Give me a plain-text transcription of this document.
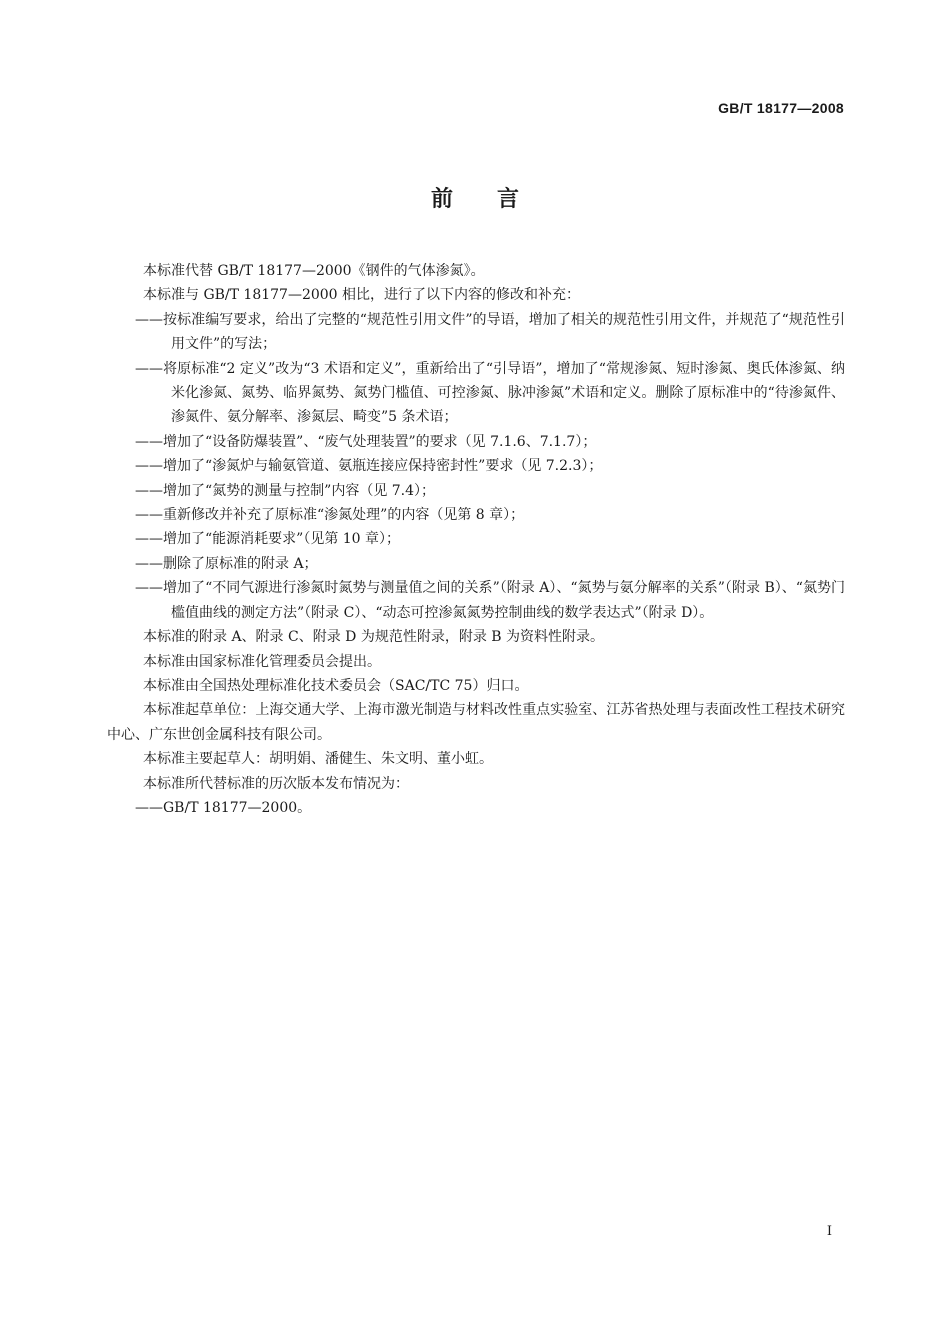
GB/T 18177—2008
前言

本标准代替 GB/T 18177—2000《钢件的气体渗氮》。

本标准与 GB/T 18177—2000 相比，进行了以下内容的修改和补充：

——按标准编写要求，给出了完整的“规范性引用文件”的导语，增加了相关的规范性引用文件，并规范了“规范性引用文件”的写法；

——将原标准“2 定义”改为“3 术语和定义”，重新给出了“引导语”，增加了“常规渗氮、短时渗氮、奥氏体渗氮、纳米化渗氮、氮势、临界氮势、氮势门槛值、可控渗氮、脉冲渗氮”术语和定义。删除了原标准中的“待渗氮件、渗氮件、氨分解率、渗氮层、畸变”5 条术语；

——增加了“设备防爆装置”、“废气处理装置”的要求（见 7.1.6、7.1.7）；

——增加了“渗氮炉与输氨管道、氨瓶连接应保持密封性”要求（见 7.2.3）；

——增加了“氮势的测量与控制”内容（见 7.4）；

——重新修改并补充了原标准“渗氮处理”的内容（见第 8 章）；

——增加了“能源消耗要求”（见第 10 章）；

——删除了原标准的附录 A；

——增加了“不同气源进行渗氮时氮势与测量值之间的关系”（附录 A）、“氮势与氨分解率的关系”（附录 B）、“氮势门槛值曲线的测定方法”（附录 C）、“动态可控渗氮氮势控制曲线的数学表达式”（附录 D）。

本标准的附录 A、附录 C、附录 D 为规范性附录，附录 B 为资料性附录。

本标准由国家标准化管理委员会提出。

本标准由全国热处理标准化技术委员会（SAC/TC 75）归口。

本标准起草单位：上海交通大学、上海市激光制造与材料改性重点实验室、江苏省热处理与表面改性工程技术研究中心、广东世创金属科技有限公司。

本标准主要起草人：胡明娟、潘健生、朱文明、董小虹。

本标准所代替标准的历次版本发布情况为：

——GB/T 18177—2000。

I
